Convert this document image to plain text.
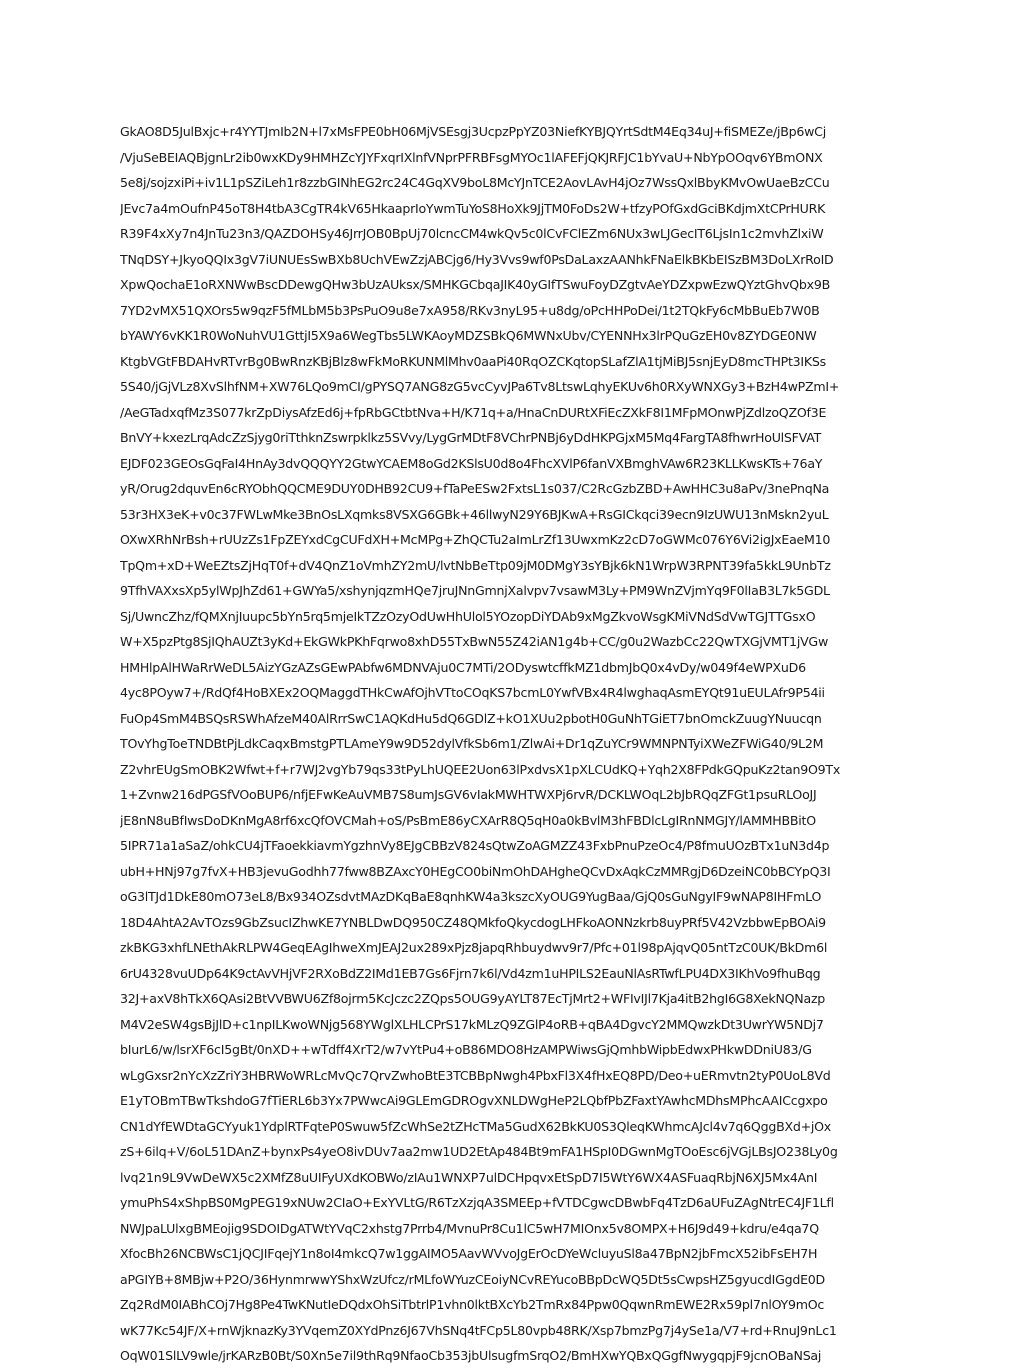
GkAO8D5JulBxjc+r4YYTJmIb2N+l7xMsFPE0bH06MjVSEsgj3UcpzPpYZ03NiefKYBJQYrtSdtM4Eq34uJ+fiSMEZe/jBp6wCj
/VjuSeBEIAQBjgnLr2ib0wxKDy9HMHZcYJYFxqrIXlnfVNprPFRBFsgMYOc1lAFEFjQKJRFJC1bYvaU+NbYpOOqv6YBmONX
5e8j/sojzxiPi+iv1L1pSZiLeh1r8zzbGINhEG2rc24C4GqXV9boL8McYJnTCE2AovLAvH4jOz7WssQxlBbyKMvOwUaeBzCCu
JEvc7a4mOufnP45oT8H4tbA3CgTR4kV65HkaaprIoYwmTuYoS8HoXk9JjTM0FoDs2W+tfzyPOfGxdGciBKdjmXtCPrHURK
R39F4xXy7n4JnTu23n3/QAZDOHSy46JrrJOB0BpUj70lcncCM4wkQv5c0lCvFClEZm6NUx3wLJGecIT6LjsIn1c2mvhZlxiW
TNqDSY+JkyoQQIx3gV7iUNUEsSwBXb8UchVEwZzjABCjg6/Hy3Vvs9wf0PsDaLaxzAANhkFNaElkBKbEISzBM3DoLXrRoID
XpwQochaE1oRXNWwBscDDewgQHw3bUzAUksx/SMHKGCbqaJIK40yGIfTSwuFoyDZgtvAeYDZxpwEzwQYztGhvQbx9B
7YD2vMX51QXOrs5w9qzF5fMLbM5b3PsPuO9u8e7xA958/RKv3nyL95+u8dg/oPcHHPoDei/1t2TQkFy6cMbBuEb7W0B
bYAWY6vKK1R0WoNuhVU1GttjI5X9a6WegTbs5LWKAoyMDZSBkQ6MWNxUbv/CYENNHx3lrPQuGzEH0v8ZYDGE0NW
KtgbVGtFBDAHvRTvrBg0BwRnzKBjBlz8wFkMoRKUNMlMhv0aaPi40RqOZCKqtopSLafZlA1tjMiBJ5snjEyD8mcTHPt3IKSs
5S40/jGjVLz8XvSlhfNM+XW76LQo9mCI/gPYSQ7ANG8zG5vcCyvJPa6Tv8LtswLqhyEKUv6h0RXyWNXGy3+BzH4wPZmI+
/AeGTadxqfMz3S077krZpDiysAfzEd6j+fpRbGCtbtNva+H/K71q+a/HnaCnDURtXFiEcZXkF8I1MFpMOnwPjZdlzoQZOf3E
BnVY+kxezLrqAdcZzSjyg0riTthknZswrpklkz5SVvy/LygGrMDtF8VChrPNBj6yDdHKPGjxM5Mq4FargTA8fhwrHoUlSFVAT
EJDF023GEOsGqFaI4HnAy3dvQQQYY2GtwYCAEM8oGd2KSlsU0d8o4FhcXVlP6fanVXBmghVAw6R23KLLKwsKTs+76aY
yR/Orug2dquvEn6cRYObhQQCME9DUY0DHB92CU9+fTaPeESw2FxtsL1s037/C2RcGzbZBD+AwHHC3u8aPv/3nePnqNa
53r3HX3eK+v0c37FWLwMke3BnOsLXqmks8VSXG6GBk+46llwyN29Y6BJKwA+RsGICkqci39ecn9IzUWU13nMskn2yuL
OXwXRhNrBsh+rUUzZs1FpZEYxdCgCUFdXH+McMPg+ZhQCTu2aImLrZf13UwxmKz2cD7oGWMc076Y6Vi2igJxEaeM10
TpQm+xD+WeEZtsZjHqT0f+dV4QnZ1oVmhZY2mU/lvtNbBeTtp09jM0DMgY3sYBjk6kN1WrpW3RPNT39fa5kkL9UnbTz
9TfhVAXxsXp5ylWpJhZd61+GWYa5/xshynjqzmHQe7jruJNnGmnjXalvpv7vsawM3Ly+PM9WnZVjmYq9F0lIaB3L7k5GDL
Sj/UwncZhz/fQMXnjIuupc5bYn5rq5mjeIkTZzOzyOdUwHhUlol5YOzopDiYDAb9xMgZkvoWsgKMiVNdSdVwTGJTTGsxO
W+X5pzPtg8SjIQhAUZt3yKd+EkGWkPKhFqrwo8xhD55TxBwN55Z42iAN1g4b+CC/g0u2WazbCc22QwTXGjVMT1jVGw
HMHlpAlHWaRrWeDL5AizYGzAZsGEwPAbfw6MDNVAju0C7MTi/2ODyswtcffkMZ1dbmJbQ0x4vDy/w049f4eWPXuD6
4yc8POyw7+/RdQf4HoBXEx2OQMaggdTHkCwAfOjhVTtoCOqKS7bcmL0YwfVBx4R4lwghaqAsmEYQt91uEULAfr9P54ii
FuOp4SmM4BSQsRSWhAfzeM40AlRrrSwC1AQKdHu5dQ6GDlZ+kO1XUu2pbotH0GuNhTGiET7bnOmckZuugYNuucqn
TOvYhgToeTNDBtPjLdkCaqxBmstgPTLAmeY9w9D52dylVfkSb6m1/ZlwAi+Dr1qZuYCr9WMNPNTyiXWeZFWiG40/9L2M
Z2vhrEUgSmOBK2Wfwt+f+r7WJ2vgYb79qs33tPyLhUQEE2Uon63lPxdvsX1pXLCUdKQ+Yqh2X8FPdkGQpuKz2tan9O9Tx
1+Zvnw216dPGSfVOoBUP6/nfjEFwKeAuVMB7S8umJsGV6vIakMWHTWXPj6rvR/DCKLWOqL2bJbRQqZFGt1psuRLOoJJ
jE8nN8uBfIwsDoDKnMgA8rf6xcQfOVCMah+oS/PsBmE86yCXArR8Q5qH0a0kBvlM3hFBDlcLgIRnNMGJY/lAMMHBBitO
5IPR71a1aSaZ/ohkCU4jTFaoekkiavmYgzhnVy8EJgCBBzV824sQtwZoAGMZZ43FxbPnuPzeOc4/P8fmuUOzBTx1uN3d4p
ubH+HNj97g7fvX+HB3jevuGodhh77fww8BZAxcY0HEgCO0biNmOhDAHgheQCvDxAqkCzMMRgjD6DzeiNC0bBCYpQ3I
oG3lTJd1DkE80mO73eL8/Bx934OZsdvtMAzDKqBaE8qnhKW4a3kszcXyOUG9YugBaa/GjQ0sGuNgyIF9wNAP8IHFmLO
18D4AhtA2AvTOzs9GbZsucIZhwKE7YNBLDwDQ950CZ48QMkfoQkycdogLHFkoAONNzkrb8uyPRf5V42VzbbwEpBOAi9
zkBKG3xhfLNEthAkRLPW4GeqEAgIhweXmJEAJ2ux289xPjz8japqRhbuydwv9r7/Pfc+01l98pAjqvQ05ntTzC0UK/BkDm6l
6rU4328vuUDp64K9ctAvVHjVF2RXoBdZ2IMd1EB7Gs6Fjrn7k6l/Vd4zm1uHPILS2EauNlAsRTwfLPU4DX3IKhVo9fhuBqg
32J+axV8hTkX6QAsi2BtVVBWU6Zf8ojrm5KcJczc2ZQps5OUG9yAYLT87EcTjMrt2+WFIvIJl7Kja4itB2hgI6G8XekNQNazp
M4V2eSW4gsBjJlD+c1npILKwoWNjg568YWglXLHLCPrS17kMLzQ9ZGlP4oRB+qBA4DgvcY2MMQwzkDt3UwrYW5NDj7
bIurL6/w/lsrXF6cI5gBt/0nXD++wTdff4XrT2/w7vYtPu4+oB86MDO8HzAMPWiwsGjQmhbWipbEdwxPHkwDDniU83/G
wLgGxsr2nYcXzZriY3HBRWoWRLcMvQc7QrvZwhoBtE3TCBBpNwgh4PbxFl3X4fHxEQ8PD/Deo+uERmvtn2tyP0UoL8Vd
E1yTOBmTBwTkshdoG7fTiERL6b3Yx7PWwcAi9GLEmGDROgvXNLDWgHeP2LQbfPbZFaxtYAwhcMDhsMPhcAAICcgxpo
CN1dYfEWDtaGCYyuk1YdplRTFqteP0Swuw5fZcWhSe2tZHcTMa5GudX62BkKU0S3QleqKWhmcAJcl4v7q6QggBXd+jOx
zS+6ilq+V/6oL51DAnZ+bynxPs4yeO8ivDUv7aa2mw1UD2EtAp484Bt9mFA1HSpI0DGwnMgTOoEsc6jVGjLBsJO238Ly0g
lvq21n9L9VwDeWX5c2XMfZ8uUIFyUXdKOBWo/zIAu1WNXP7ulDCHpqvxEtSpD7I5WtY6WX4ASFuaqRbjN6XJ5Mx4AnI
ymuPhS4xShpBS0MgPEG19xNUw2CIaO+ExYVLtG/R6TzXzjqA3SMEEp+fVTDCgwcDBwbFq4TzD6aUFuZAgNtrEC4JF1Lfl
NWJpaLUlxgBMEojig9SDOIDgATWtYVqC2xhstg7Prrb4/MvnuPr8Cu1lC5wH7MIOnx5v8OMPX+H6J9d49+kdru/e4qa7Q
XfocBh26NCBWsC1jQCJIFqejY1n8oI4mkcQ7w1ggAIMO5AavWVvoJgErOcDYeWcluyuSl8a47BpN2jbFmcX52ibFsEH7H
aPGIYB+8MBjw+P2O/36HynmrwwYShxWzUfcz/rMLfoWYuzCEoiyNCvREYucoBBpDcWQ5Dt5sCwpsHZ5gyucdIGgdE0D
Zq2RdM0IABhCOj7Hg8Pe4TwKNutIeDQdxOhSiTbtrlP1vhn0lktBXcYb2TmRx84Ppw0QqwnRmEWE2Rx59pl7nlOY9mOc
wK77Kc54JF/X+rnWjknazKy3YVqemZ0XYdPnz6J67VhSNq4tFCp5L80vpb48RK/Xsp7bmzPg7j4ySe1a/V7+rd+RnuJ9nLc1
OqW01SlLV9wle/jrKARzB0Bt/S0Xn5e7il9thRq9NfaoCb353jbUlsugfmSrqO2/BmHXwYQBxQGgfNwygqpjF9jcnOBaNSaj
